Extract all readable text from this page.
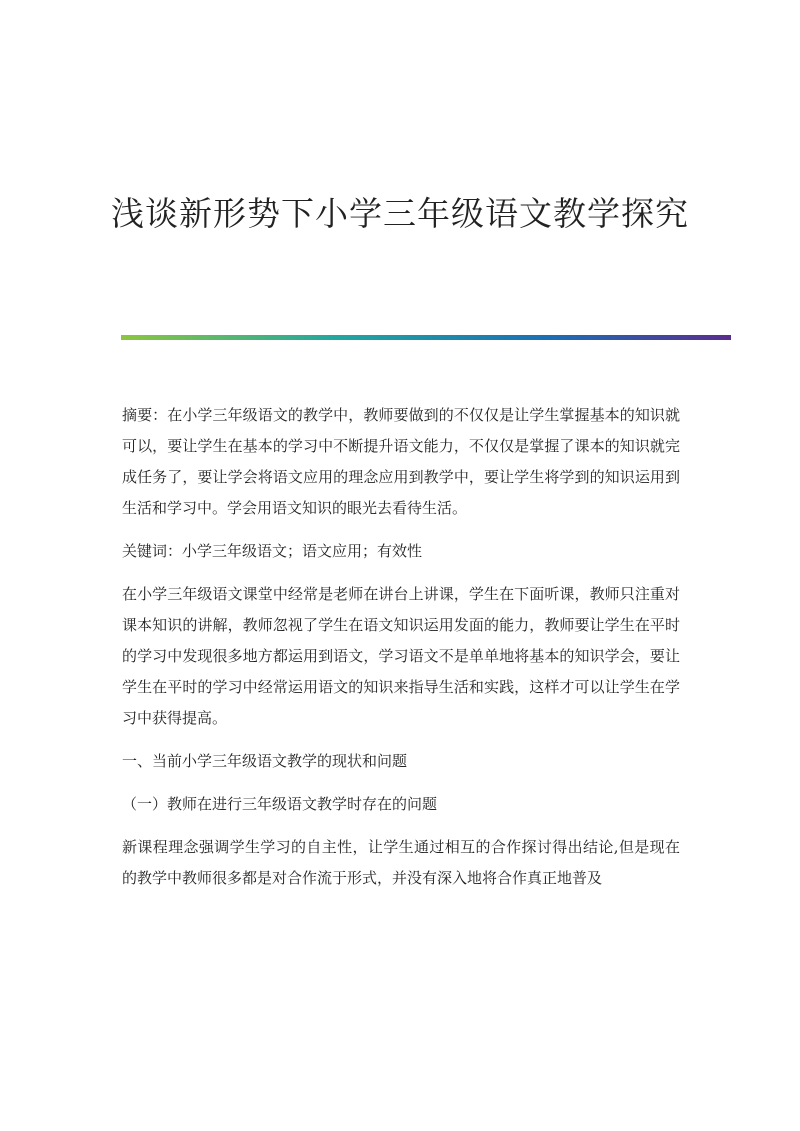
浅谈新形势下小学三年级语文教学探究

摘要：在小学三年级语文的教学中，教师要做到的不仅仅是让学生掌握基本的知识就可以，要让学生在基本的学习中不断提升语文能力，不仅仅是掌握了课本的知识就完成任务了，要让学会将语文应用的理念应用到教学中，要让学生将学到的知识运用到生活和学习中。学会用语文知识的眼光去看待生活。

关键词：小学三年级语文；语文应用；有效性

在小学三年级语文课堂中经常是老师在讲台上讲课，学生在下面听课，教师只注重对课本知识的讲解，教师忽视了学生在语文知识运用发面的能力，教师要让学生在平时的学习中发现很多地方都运用到语文，学习语文不是单单地将基本的知识学会，要让学生在平时的学习中经常运用语文的知识来指导生活和实践，这样才可以让学生在学习中获得提高。

一、当前小学三年级语文教学的现状和问题

（一）教师在进行三年级语文教学时存在的问题

新课程理念强调学生学习的自主性，让学生通过相互的合作探讨得出结论,但是现在的教学中教师很多都是对合作流于形式，并没有深入地将合作真正地普及
